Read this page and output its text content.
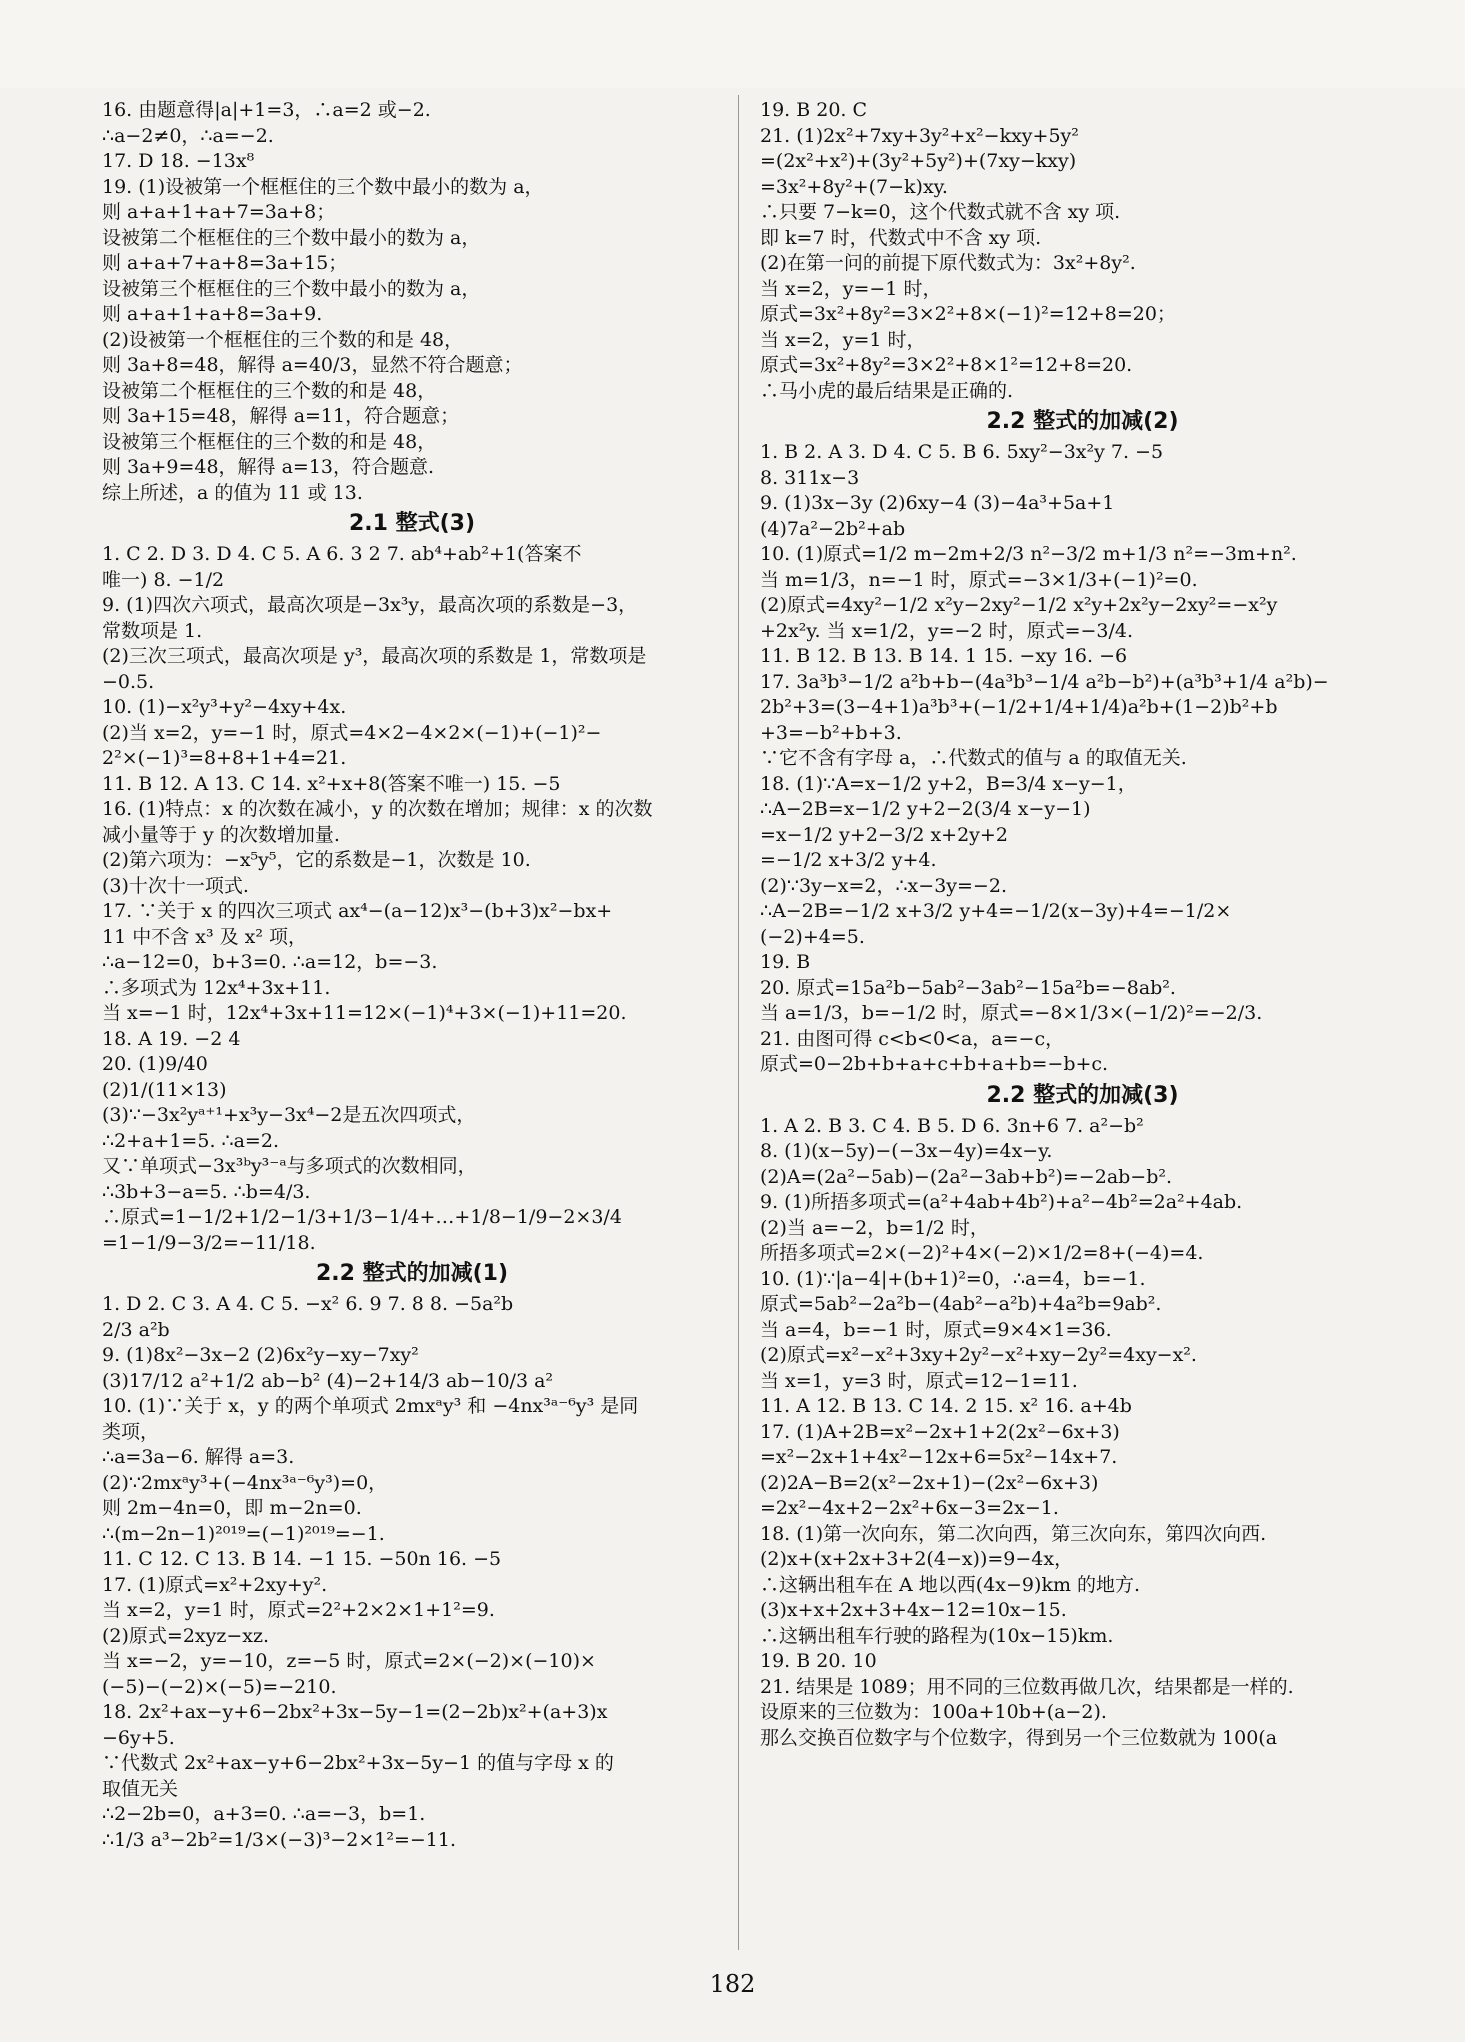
16. 由题意得|a|+1=3，∴a=2 或−2.
∴a−2≠0，∴a=−2.
17. D 18. −13x⁸
19. (1)设被第一个框框住的三个数中最小的数为 a，
则 a+a+1+a+7=3a+8；
设被第二个框框住的三个数中最小的数为 a，
则 a+a+7+a+8=3a+15；
设被第三个框框住的三个数中最小的数为 a，
则 a+a+1+a+8=3a+9.
(2)设被第一个框框住的三个数的和是 48，
则 3a+8=48，解得 a=40/3，显然不符合题意；
设被第二个框框住的三个数的和是 48，
则 3a+15=48，解得 a=11，符合题意；
设被第三个框框住的三个数的和是 48，
则 3a+9=48，解得 a=13，符合题意.
综上所述，a 的值为 11 或 13.
2.1 整式(3)
1. C 2. D 3. D 4. C 5. A 6. 3 2 7. ab⁴+ab²+1(答案不
唯一) 8. −1/2
9. (1)四次六项式，最高次项是−3x³y，最高次项的系数是−3，
常数项是 1.
(2)三次三项式，最高次项是 y³，最高次项的系数是 1，常数项是
−0.5.
10. (1)−x²y³+y²−4xy+4x.
(2)当 x=2，y=−1 时，原式=4×2−4×2×(−1)+(−1)²−
2²×(−1)³=8+8+1+4=21.
11. B 12. A 13. C 14. x²+x+8(答案不唯一) 15. −5
16. (1)特点：x 的次数在减小，y 的次数在增加；规律：x 的次数
减小量等于 y 的次数增加量.
(2)第六项为：−x⁵y⁵，它的系数是−1，次数是 10.
(3)十次十一项式.
17. ∵关于 x 的四次三项式 ax⁴−(a−12)x³−(b+3)x²−bx+
11 中不含 x³ 及 x² 项，
∴a−12=0，b+3=0. ∴a=12，b=−3.
∴多项式为 12x⁴+3x+11.
当 x=−1 时，12x⁴+3x+11=12×(−1)⁴+3×(−1)+11=20.
18. A 19. −2 4
20. (1)9/40
(2)1/(11×13)
(3)∵−3x²yᵃ⁺¹+x³y−3x⁴−2是五次四项式，
∴2+a+1=5. ∴a=2.
又∵单项式−3x³ᵇy³⁻ᵃ与多项式的次数相同，
∴3b+3−a=5. ∴b=4/3.
∴原式=1−1/2+1/2−1/3+1/3−1/4+…+1/8−1/9−2×3/4
=1−1/9−3/2=−11/18.
2.2 整式的加减(1)
1. D 2. C 3. A 4. C 5. −x² 6. 9 7. 8 8. −5a²b
2/3 a²b
9. (1)8x²−3x−2 (2)6x²y−xy−7xy²
(3)17/12 a²+1/2 ab−b² (4)−2+14/3 ab−10/3 a²
10. (1)∵关于 x，y 的两个单项式 2mxᵃy³ 和 −4nx³ᵃ⁻⁶y³ 是同
类项，
∴a=3a−6. 解得 a=3.
(2)∵2mxᵃy³+(−4nx³ᵃ⁻⁶y³)=0，
则 2m−4n=0，即 m−2n=0.
∴(m−2n−1)²⁰¹⁹=(−1)²⁰¹⁹=−1.
11. C 12. C 13. B 14. −1 15. −50n 16. −5
17. (1)原式=x²+2xy+y².
当 x=2，y=1 时，原式=2²+2×2×1+1²=9.
(2)原式=2xyz−xz.
当 x=−2，y=−10，z=−5 时，原式=2×(−2)×(−10)×
(−5)−(−2)×(−5)=−210.
18. 2x²+ax−y+6−2bx²+3x−5y−1=(2−2b)x²+(a+3)x
−6y+5.
∵代数式 2x²+ax−y+6−2bx²+3x−5y−1 的值与字母 x 的
取值无关
∴2−2b=0，a+3=0. ∴a=−3，b=1.
∴1/3 a³−2b²=1/3×(−3)³−2×1²=−11.
19. B 20. C
21. (1)2x²+7xy+3y²+x²−kxy+5y²
=(2x²+x²)+(3y²+5y²)+(7xy−kxy)
=3x²+8y²+(7−k)xy.
∴只要 7−k=0，这个代数式就不含 xy 项.
即 k=7 时，代数式中不含 xy 项.
(2)在第一问的前提下原代数式为：3x²+8y².
当 x=2，y=−1 时，
原式=3x²+8y²=3×2²+8×(−1)²=12+8=20；
当 x=2，y=1 时，
原式=3x²+8y²=3×2²+8×1²=12+8=20.
∴马小虎的最后结果是正确的.
2.2 整式的加减(2)
1. B 2. A 3. D 4. C 5. B 6. 5xy²−3x²y 7. −5
8. 311x−3
9. (1)3x−3y (2)6xy−4 (3)−4a³+5a+1
(4)7a²−2b²+ab
10. (1)原式=1/2 m−2m+2/3 n²−3/2 m+1/3 n²=−3m+n².
当 m=1/3，n=−1 时，原式=−3×1/3+(−1)²=0.
(2)原式=4xy²−1/2 x²y−2xy²−1/2 x²y+2x²y−2xy²=−x²y
+2x²y. 当 x=1/2，y=−2 时，原式=−3/4.
11. B 12. B 13. B 14. 1 15. −xy 16. −6
17. 3a³b³−1/2 a²b+b−(4a³b³−1/4 a²b−b²)+(a³b³+1/4 a²b)−
2b²+3=(3−4+1)a³b³+(−1/2+1/4+1/4)a²b+(1−2)b²+b
+3=−b²+b+3.
∵它不含有字母 a，∴代数式的值与 a 的取值无关.
18. (1)∵A=x−1/2 y+2，B=3/4 x−y−1，
∴A−2B=x−1/2 y+2−2(3/4 x−y−1)
=x−1/2 y+2−3/2 x+2y+2
=−1/2 x+3/2 y+4.
(2)∵3y−x=2，∴x−3y=−2.
∴A−2B=−1/2 x+3/2 y+4=−1/2(x−3y)+4=−1/2×
(−2)+4=5.
19. B
20. 原式=15a²b−5ab²−3ab²−15a²b=−8ab².
当 a=1/3，b=−1/2 时，原式=−8×1/3×(−1/2)²=−2/3.
21. 由图可得 c<b<0<a，a=−c，
原式=0−2b+b+a+c+b+a+b=−b+c.
2.2 整式的加减(3)
1. A 2. B 3. C 4. B 5. D 6. 3n+6 7. a²−b²
8. (1)(x−5y)−(−3x−4y)=4x−y.
(2)A=(2a²−5ab)−(2a²−3ab+b²)=−2ab−b².
9. (1)所捂多项式=(a²+4ab+4b²)+a²−4b²=2a²+4ab.
(2)当 a=−2，b=1/2 时，
所捂多项式=2×(−2)²+4×(−2)×1/2=8+(−4)=4.
10. (1)∵|a−4|+(b+1)²=0，∴a=4，b=−1.
原式=5ab²−2a²b−(4ab²−a²b)+4a²b=9ab².
当 a=4，b=−1 时，原式=9×4×1=36.
(2)原式=x²−x²+3xy+2y²−x²+xy−2y²=4xy−x².
当 x=1，y=3 时，原式=12−1=11.
11. A 12. B 13. C 14. 2 15. x² 16. a+4b
17. (1)A+2B=x²−2x+1+2(2x²−6x+3)
=x²−2x+1+4x²−12x+6=5x²−14x+7.
(2)2A−B=2(x²−2x+1)−(2x²−6x+3)
=2x²−4x+2−2x²+6x−3=2x−1.
18. (1)第一次向东，第二次向西，第三次向东，第四次向西.
(2)x+(x+2x+3+2(4−x))=9−4x，
∴这辆出租车在 A 地以西(4x−9)km 的地方.
(3)x+x+2x+3+4x−12=10x−15.
∴这辆出租车行驶的路程为(10x−15)km.
19. B 20. 10
21. 结果是 1089；用不同的三位数再做几次，结果都是一样的.
设原来的三位数为：100a+10b+(a−2).
那么交换百位数字与个位数字，得到另一个三位数就为 100(a
182
